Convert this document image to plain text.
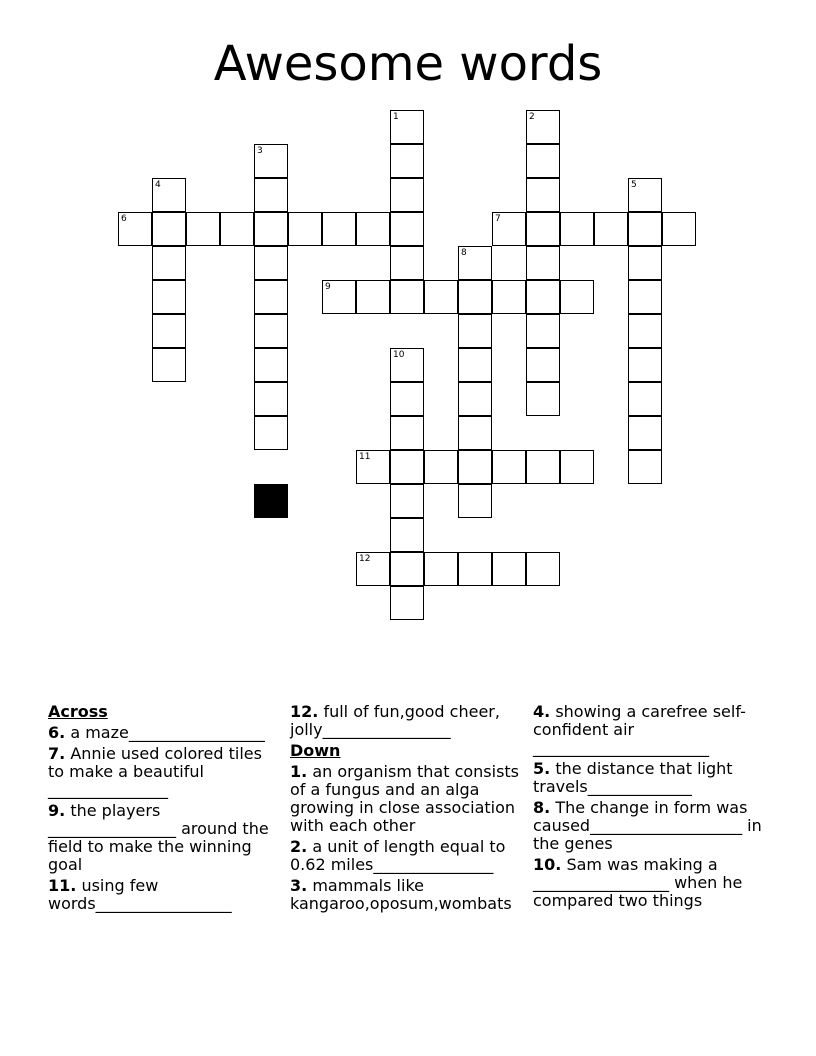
Awesome words
1	2
3
4	5
6	7
8
9
10
11
12
Across
6. a maze_________________
7. Annie used colored tiles to make a beautiful _______________
9. the players ________________ around the field to make the winning goal
11. using few words_________________
12. full of fun,good cheer, jolly________________
Down
1. an organism that consists of a fungus and an alga growing in close association with each other
2. a unit of length equal to 0.62 miles_______________
3. mammals like kangaroo,oposum,wombats
4. showing a carefree self-confident air ______________________
5. the distance that light travels_____________
8. The change in form was caused___________________ in the genes
10. Sam was making a _________________ when he compared two things
